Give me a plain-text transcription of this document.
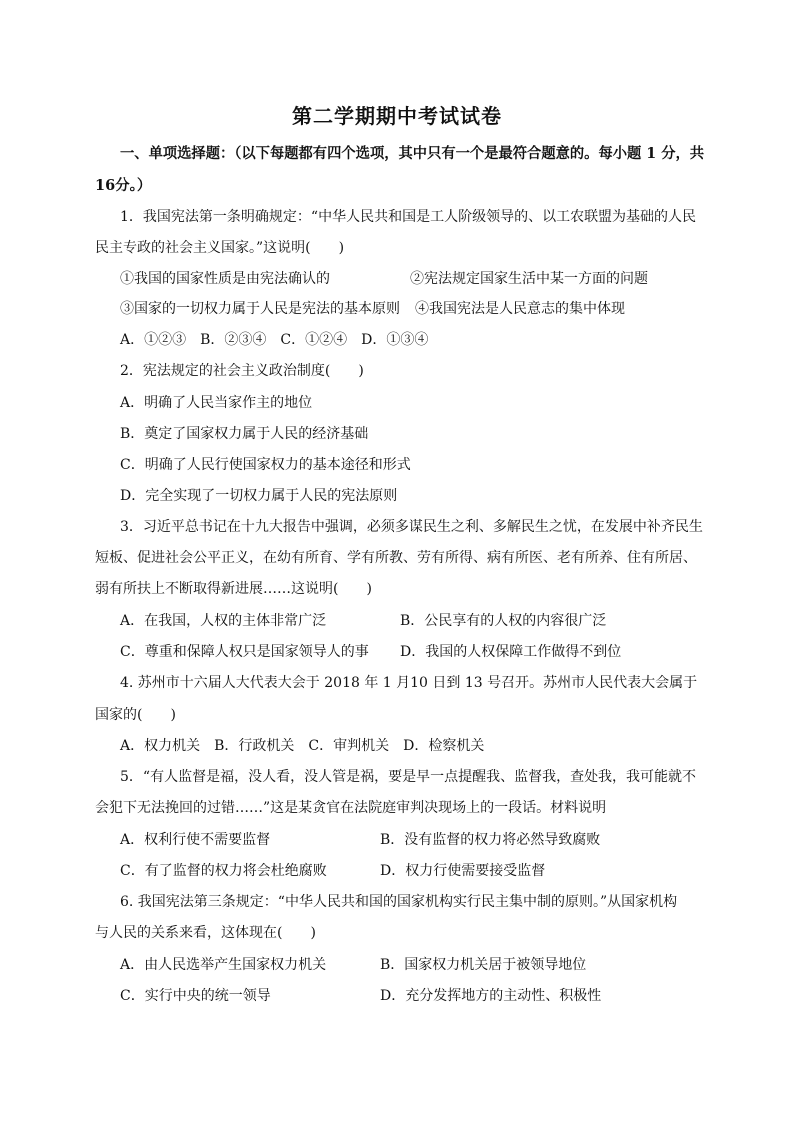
第二学期期中考试试卷
一、单项选择题：（以下每题都有四个选项，其中只有一个是最符合题意的。每小题 1 分，共
16分。）
1．我国宪法第一条明确规定：“中华人民共和国是工人阶级领导的、以工农联盟为基础的人民
民主专政的社会主义国家。”这说明(　　)
①我国的国家性质是由宪法确认的	②宪法规定国家生活中某一方面的问题
③国家的一切权力属于人民是宪法的基本原则 ④我国宪法是人民意志的集中体现
A．①②③　B．②③④　C．①②④　D．①③④
2．宪法规定的社会主义政治制度(　　)
A．明确了人民当家作主的地位
B．奠定了国家权力属于人民的经济基础
C．明确了人民行使国家权力的基本途径和形式
D．完全实现了一切权力属于人民的宪法原则
3．习近平总书记在十九大报告中强调，必须多谋民生之利、多解民生之忧，在发展中补齐民生
短板、促进社会公平正义，在幼有所育、学有所教、劳有所得、病有所医、老有所养、住有所居、
弱有所扶上不断取得新进展……这说明(　　)
A．在我国，人权的主体非常广泛	B．公民享有的人权的内容很广泛
C．尊重和保障人权只是国家领导人的事 D．我国的人权保障工作做得不到位
4. 苏州市十六届人大代表大会于 2018 年 1 月10 日到 13 号召开。苏州市人民代表大会属于
国家的(　　)
A．权力机关　B．行政机关　C．审判机关　D．检察机关
5．“有人监督是福，没人看，没人管是祸，要是早一点提醒我、监督我，查处我，我可能就不
会犯下无法挽回的过错……”这是某贪官在法院庭审判决现场上的一段话。材料说明
A．权利行使不需要监督	B．没有监督的权力将必然导致腐败
C．有了监督的权力将会杜绝腐败	D．权力行使需要接受监督
6. 我国宪法第三条规定：“中华人民共和国的国家机构实行民主集中制的原则。”从国家机构
与人民的关系来看，这体现在(　　)
A．由人民选举产生国家权力机关	B．国家权力机关居于被领导地位
C．实行中央的统一领导	D．充分发挥地方的主动性、积极性
